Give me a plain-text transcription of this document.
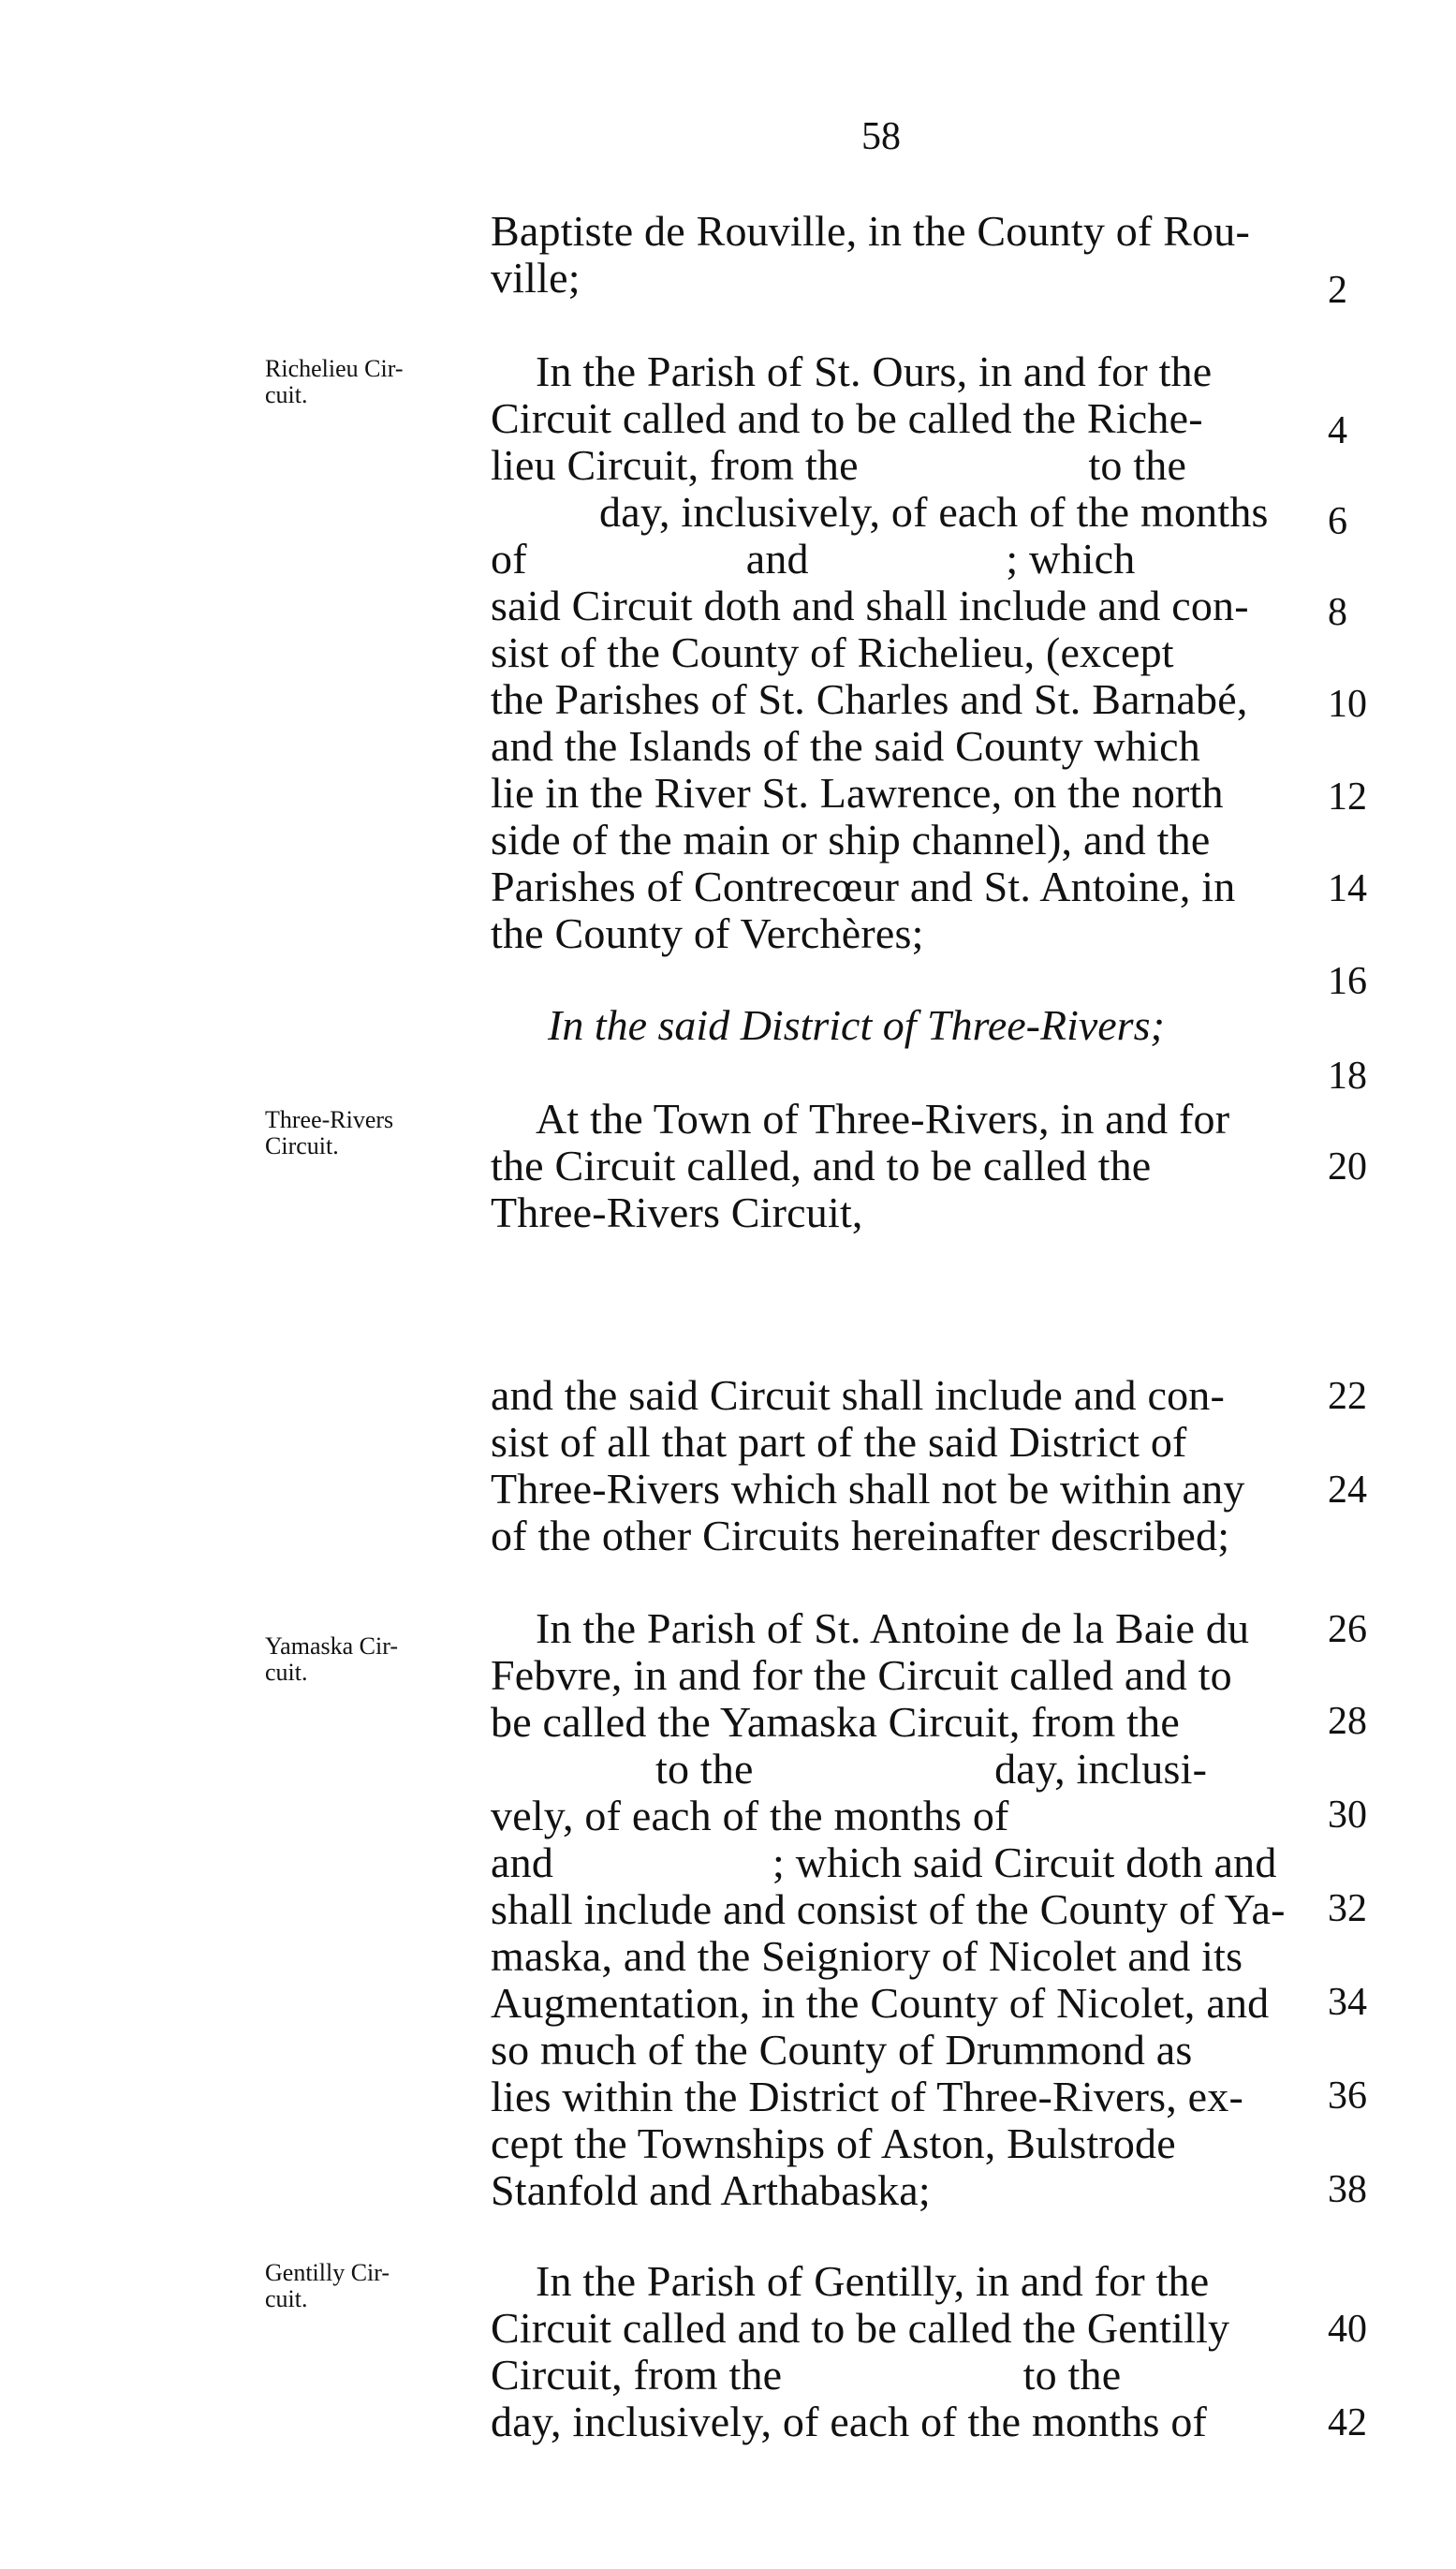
58
Richelieu Cir-
cuit.
Three-Rivers
Circuit.
Yamaska Cir-
cuit.
Gentilly Cir-
cuit.
Baptiste de Rouville, in the County of Rou-
ville;
In the Parish of St. Ours, in and for the
Circuit called and to be called the Riche-
lieu Circuit, from the                     to the
day, inclusively, of each of the months
of                    and                  ; which
said Circuit doth and shall include and con-
sist of the County of Richelieu, (except
the Parishes of St. Charles and St. Barnabé,
and the Islands of the said County which
lie in the River St. Lawrence, on the north
side of the main or ship channel), and the
Parishes of Contrecœur and St. Antoine, in
the County of Verchères;
In the said District of Three-Rivers;
At the Town of Three-Rivers, in and for
the Circuit called, and to be called the
Three-Rivers Circuit,
and the said Circuit shall include and con-
sist of all that part of the said District of
Three-Rivers which shall not be within any
of the other Circuits hereinafter described;
In the Parish of St. Antoine de la Baie du
Febvre, in and for the Circuit called and to
be called the Yamaska Circuit, from the
to the                      day, inclusi-
vely, of each of the months of
and                    ; which said Circuit doth and
shall include and consist of the County of Ya-
maska, and the Seigniory of Nicolet and its
Augmentation, in the County of Nicolet, and
so much of the County of Drummond as
lies within the District of Three-Rivers, ex-
cept the Townships of Aston, Bulstrode
Stanfold and Arthabaska;
In the Parish of Gentilly, in and for the
Circuit called and to be called the Gentilly
Circuit, from the                      to the
day, inclusively, of each of the months of
2
4
6
8
10
12
14
16
18
20
22
24
26
28
30
32
34
36
38
40
42
